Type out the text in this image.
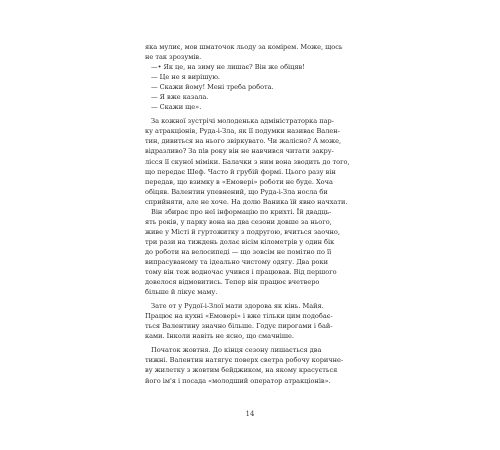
яка мулиє, мов шматочок льоду за комірем. Може, щось
не так зрозумів.
—• Як це, на зиму не лишає? Він же обіцяв!
— Це не я вирішую.
— Скажи йому! Мені треба робота.
— Я вже казала.
— Скажи ще».
За кожної зустрічі молоденька адміністраторка пар-
ку атракціонів, Руда-і-Зла, як її подумки називає Вален-
тин, дивиться на нього звіркувато. Чи жалісно? А може,
відразливо? За пів року він не навчився читати закру-
лісся її скуної міміки. Балачки з ним вона зводить до того,
що передає Шеф. Часто й грубій формі. Цього разу він
передав, що взимку в «Емоверi» роботи не буде. Хоча
обіцяв. Валентин упевнений, що Руда-і-Зла носла би
сприйняти, але не хоче. На долю Ваника їй явно начхати.
Він збирає про неї інформацію по крихті. Їй двадць-
ять років, у парку вона на два сезони довше за нього,
живе у Місті й гуртожитку з подругою, вчиться заочно,
три рази на тиждень долає вісім кілометрів у один бік
до роботи на велосипеді — що зовсім не помітно по її
випрасуваному та ідеально чистому одягу. Два роки
тому він теж водночас учився і працював. Від першого
довелося відмовитись. Тепер він працює вчетверо
більше й лікує маму.
Зате от у Рудої-і-Злої мати здорова як кінь. Майя.
Працює на кухні «Емоверi» і вже тільки цим подобає-
ться Валентину значно більше. Годує пирогами і бай-
ками. Інколи навіть не ясно, що смачніше.
Початок жовтня. До кінця сезону лишається два
тижні. Валентин натягує поверх светра робочу коричне-
ву жилетку з жовтим бейджиком, на якому красується
його ім'я і посада «молодший оператор атракціонів».
14
